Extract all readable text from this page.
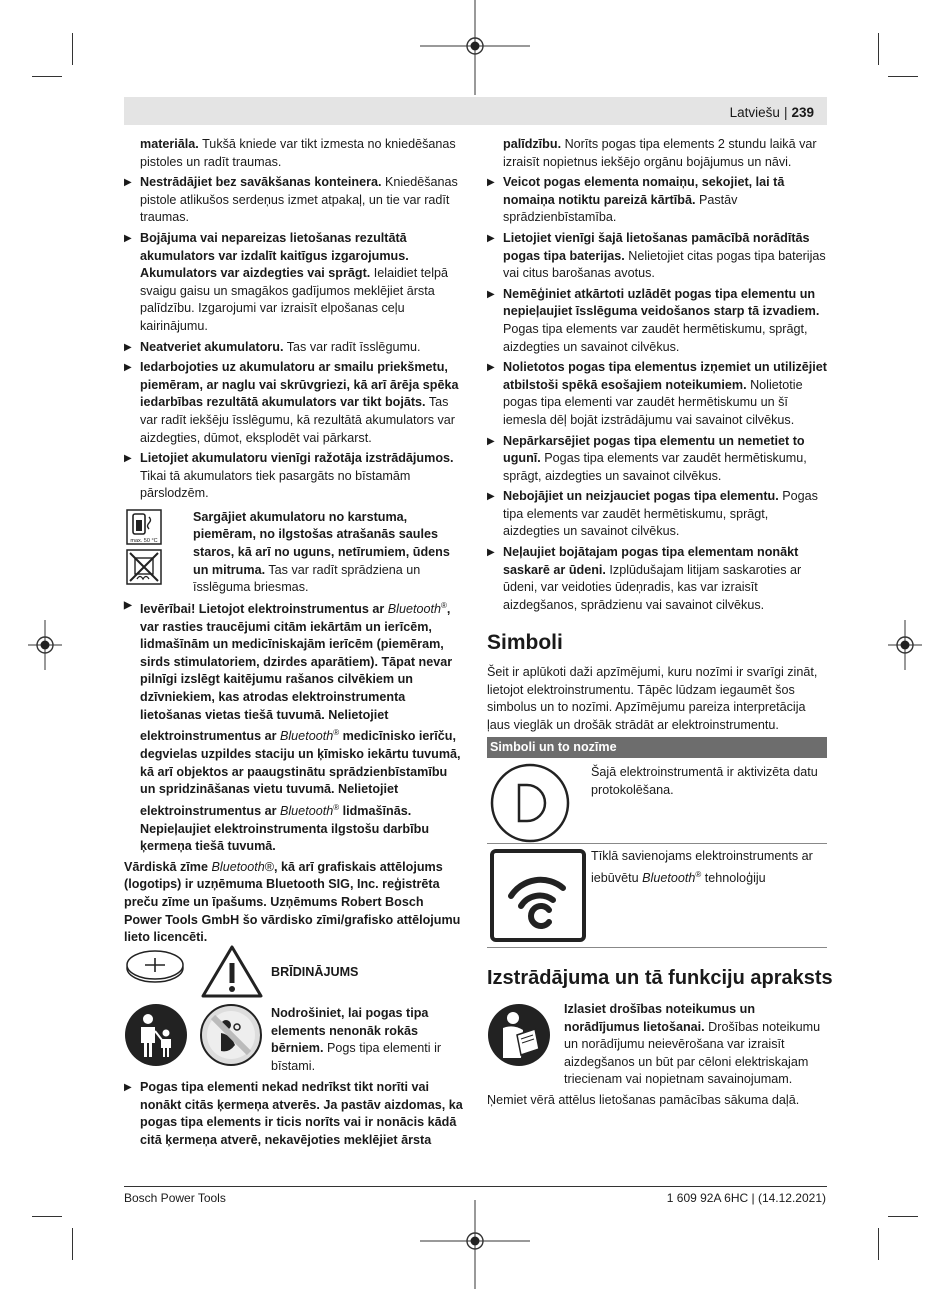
Latviešu | 239

materiāla. Tukšā kniede var tikt izmesta no kniedēšanas pistoles un radīt traumas.

▶ Nestrādājiet bez savākšanas konteinera. Kniedēšanas pistole atlikušos serdeņus izmet atpakaļ, un tie var radīt traumas.
▶ Bojājuma vai nepareizas lietošanas rezultātā akumulators var izdalīt kaitīgus izgarojumus. Akumulators var aizdegties vai sprāgt. Ielaidiet telpā svaigu gaisu un smagākos gadījumos meklējiet ārsta palīdzību. Izgarojumi var izraisīt elpošanas ceļu kairinājumu.
▶ Neatveriet akumulatoru. Tas var radīt īsslēgumu.
▶ Iedarbojoties uz akumulatoru ar smailu priekšmetu, piemēram, ar naglu vai skrūvgriezi, kā arī ārēja spēka iedarbības rezultātā akumulators var tikt bojāts. Tas var radīt iekšēju īsslēgumu, kā rezultātā akumulators var aizdegties, dūmot, eksplodēt vai pārkarst.
▶ Lietojiet akumulatoru vienīgi ražotāja izstrādājumos. Tikai tā akumulators tiek pasargāts no bīstamām pārslodzēm.
max. 50 °C
Sargājiet akumulatoru no karstuma, piemēram, no ilgstošas atrašanās saules staros, kā arī no uguns, netīrumiem, ūdens un mitruma. Tas var radīt sprādziena un īsslēguma briesmas.
▶ Ievērībai! Lietojot elektroinstrumentus ar Bluetooth®, var rasties traucējumi citām iekārtām un ierīcēm, lidmašīnām un medicīniskajām ierīcēm (piemēram, sirds stimulatoriem, dzirdes aparātiem). Tāpat nevar pilnīgi izslēgt kaitējumu rašanos cilvēkiem un dzīvniekiem, kas atrodas elektroinstrumenta lietošanas vietas tiešā tuvumā. Nelietojiet elektroinstrumentus ar Bluetooth® medicīnisko ierīču, degvielas uzpildes staciju un ķīmisko iekārtu tuvumā, kā arī objektos ar paaugstinātu sprādzienbīstamību un spridzināšanas vietu tuvumā. Nelietojiet elektroinstrumentus ar Bluetooth® lidmašīnās. Nepieļaujiet elektroinstrumenta ilgstošu darbību ķermeņa tiešā tuvumā.
Vārdiskā zīme Bluetooth®, kā arī grafiskais attēlojums (logotips) ir uzņēmuma Bluetooth SIG, Inc. reģistrēta preču zīme un īpašums. Uzņēmums Robert Bosch Power Tools GmbH šo vārdisko zīmi/grafisko attēlojumu lieto licencēti.
BRĪDINĀJUMS
Nodrošiniet, lai pogas tipa elements nenonāk rokās bērniem. Pogs tipa elementi ir bīstami.
▶ Pogas tipa elementi nekad nedrīkst tikt norīti vai nonākt citās ķermeņa atverēs. Ja pastāv aizdomas, ka pogas tipa elements ir ticis norīts vai ir nonācis kādā citā ķermeņa atverē, nekavējoties meklējiet ārsta

palīdzību. Norīts pogas tipa elements 2 stundu laikā var izraisīt nopietnus iekšējo orgānu bojājumus un nāvi.

▶ Veicot pogas elementa nomaiņu, sekojiet, lai tā nomaiņa notiktu pareizā kārtībā. Pastāv sprādzienbīstamība.
▶ Lietojiet vienīgi šajā lietošanas pamācībā norādītās pogas tipa baterijas. Nelietojiet citas pogas tipa baterijas vai citus barošanas avotus.
▶ Nemēģiniet atkārtoti uzlādēt pogas tipa elementu un nepieļaujiet īsslēguma veidošanos starp tā izvadiem. Pogas tipa elements var zaudēt hermētiskumu, sprāgt, aizdegties un savainot cilvēkus.
▶ Nolietotos pogas tipa elementus izņemiet un utilizējiet atbilstoši spēkā esošajiem noteikumiem. Nolietotie pogas tipa elementi var zaudēt hermētiskumu un šī iemesla dēļ bojāt izstrādājumu vai savainot cilvēkus.
▶ Nepārkarsējiet pogas tipa elementu un nemetiet to ugunī. Pogas tipa elements var zaudēt hermētiskumu, sprāgt, aizdegties un savainot cilvēkus.
▶ Nebojājiet un neizjauciet pogas tipa elementu. Pogas tipa elements var zaudēt hermētiskumu, sprāgt, aizdegties un savainot cilvēkus.
▶ Neļaujiet bojātajam pogas tipa elementam nonākt saskarē ar ūdeni. Izplūdušajam litijam saskaroties ar ūdeni, var veidoties ūdeņradis, kas var izraisīt aizdegšanos, sprādzienu vai savainot cilvēkus.
Simboli
Šeit ir aplūkoti daži apzīmējumi, kuru nozīmi ir svarīgi zināt, lietojot elektroinstrumentu. Tāpēc lūdzam iegaumēt šos simbolus un to nozīmi. Apzīmējumu pareiza interpretācija ļaus vieglāk un drošāk strādāt ar elektroinstrumentu.
Simboli un to nozīme
Šajā elektroinstrumentā ir aktivizēta datu protokolēšana.
Tīklā savienojams elektroinstruments ar iebūvētu Bluetooth® tehnoloģiju
Izstrādājuma un tā funkciju apraksts
Izlasiet drošības noteikumus un norādījumus lietošanai. Drošības noteikumu un norādījumu neievērošana var izraisīt aizdegšanos un būt par cēloni elektriskajam triecienam vai nopietnam savainojumam.
Ņemiet vērā attēlus lietošanas pamācības sākuma daļā.
Bosch Power Tools	1 609 92A 6HC | (14.12.2021)
